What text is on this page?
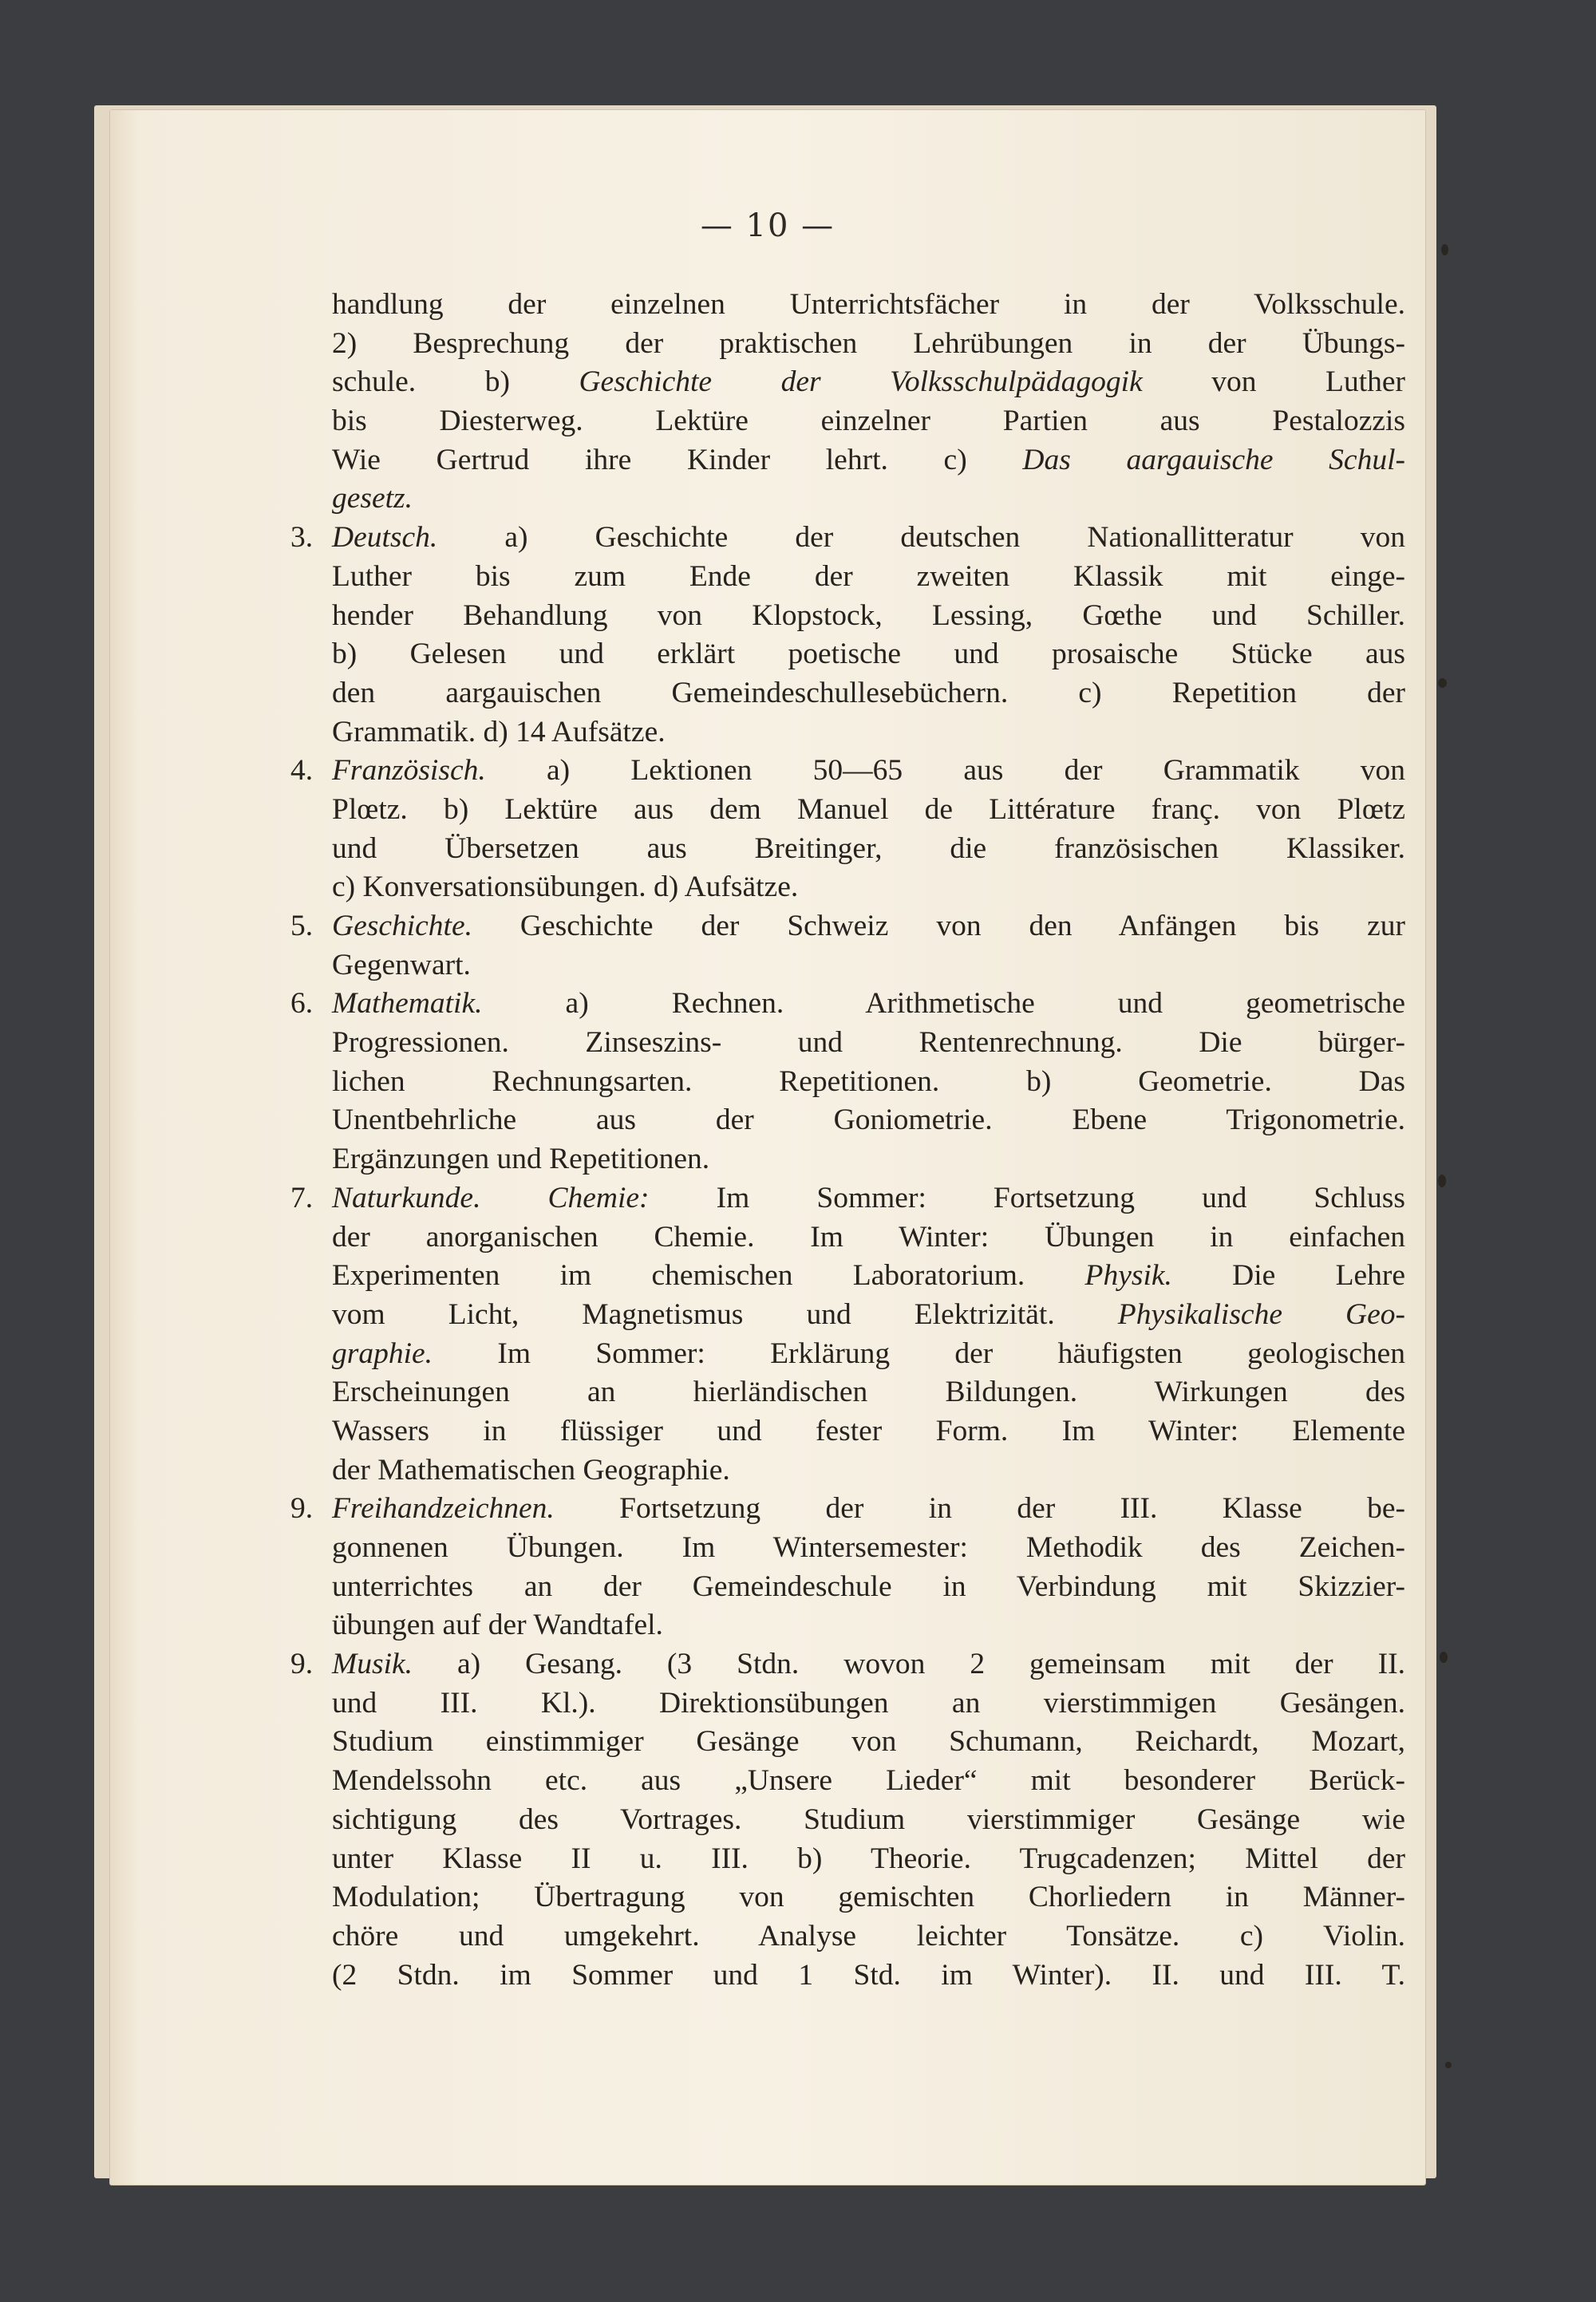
— 10 —
handlung der einzelnen Unterrichtsfächer in der Volksschule.
2) Besprechung der praktischen Lehrübungen in der Übungs-
schule. b) Geschichte der Volksschulpädagogik von Luther
bis Diesterweg. Lektüre einzelner Partien aus Pestalozzis
Wie Gertrud ihre Kinder lehrt. c) Das aargauische Schul-
gesetz.
3. Deutsch. a) Geschichte der deutschen Nationallitteratur von
Luther bis zum Ende der zweiten Klassik mit einge-
hender Behandlung von Klopstock, Lessing, Gœthe und Schiller.
b) Gelesen und erklärt poetische und prosaische Stücke aus
den aargauischen Gemeindeschullesebüchern. c) Repetition der
Grammatik. d) 14 Aufsätze.
4. Französisch. a) Lektionen 50—65 aus der Grammatik von
Plœtz. b) Lektüre aus dem Manuel de Littérature franç. von Plœtz
und Übersetzen aus Breitinger, die französischen Klassiker.
c) Konversationsübungen. d) Aufsätze.
5. Geschichte. Geschichte der Schweiz von den Anfängen bis zur
Gegenwart.
6. Mathematik. a) Rechnen. Arithmetische und geometrische
Progressionen. Zinseszins- und Rentenrechnung. Die bürger-
lichen Rechnungsarten. Repetitionen. b) Geometrie. Das
Unentbehrliche aus der Goniometrie. Ebene Trigonometrie.
Ergänzungen und Repetitionen.
7. Naturkunde. Chemie: Im Sommer: Fortsetzung und Schluss
der anorganischen Chemie. Im Winter: Übungen in einfachen
Experimenten im chemischen Laboratorium. Physik. Die Lehre
vom Licht, Magnetismus und Elektrizität. Physikalische Geo-
graphie. Im Sommer: Erklärung der häufigsten geologischen
Erscheinungen an hierländischen Bildungen. Wirkungen des
Wassers in flüssiger und fester Form. Im Winter: Elemente
der Mathematischen Geographie.
9. Freihandzeichnen. Fortsetzung der in der III. Klasse be-
gonnenen Übungen. Im Wintersemester: Methodik des Zeichen-
unterrichtes an der Gemeindeschule in Verbindung mit Skizzier-
übungen auf der Wandtafel.
9. Musik. a) Gesang. (3 Stdn. wovon 2 gemeinsam mit der II.
und III. Kl.). Direktionsübungen an vierstimmigen Gesängen.
Studium einstimmiger Gesänge von Schumann, Reichardt, Mozart,
Mendelssohn etc. aus „Unsere Lieder“ mit besonderer Berück-
sichtigung des Vortrages. Studium vierstimmiger Gesänge wie
unter Klasse II u. III. b) Theorie. Trugcadenzen; Mittel der
Modulation; Übertragung von gemischten Chorliedern in Männer-
chöre und umgekehrt. Analyse leichter Tonsätze. c) Violin.
(2 Stdn. im Sommer und 1 Std. im Winter). II. und III. T.
